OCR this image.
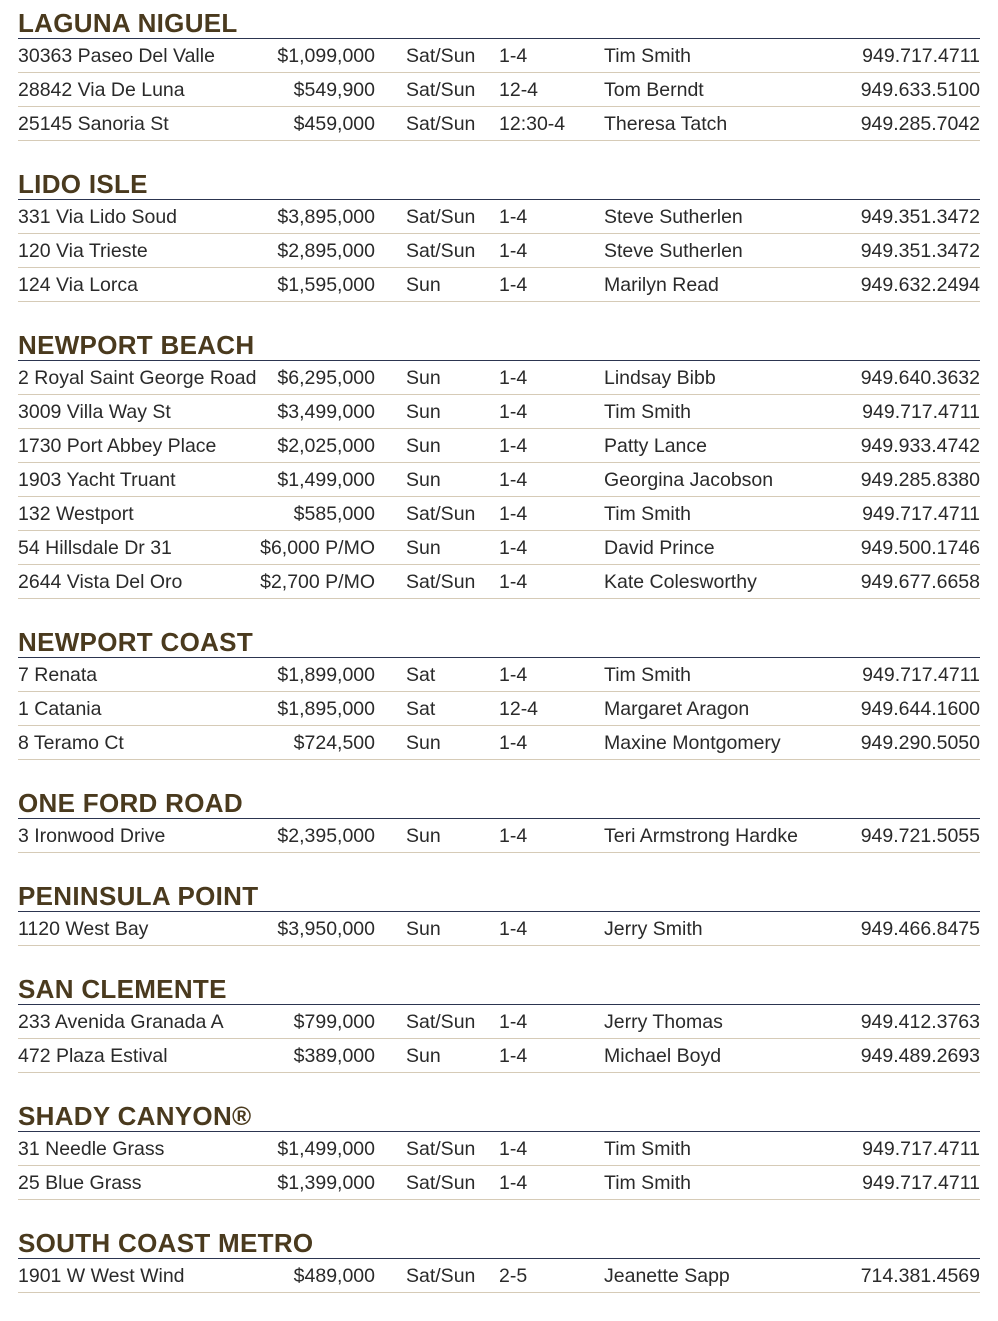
LAGUNA NIGUEL
30363 Paseo Del Valle	$1,099,000 Sat/Sun 1-4	Tim Smith	949.717.4711
28842 Via De Luna	$549,900 Sat/Sun 12-4	Tom Berndt	949.633.5100
25145 Sanoria St	$459,000 Sat/Sun 12:30-4 Theresa Tatch	949.285.7042
LIDO ISLE
331 Via Lido Soud	$3,895,000 Sat/Sun 1-4	Steve Sutherlen	949.351.3472
120 Via Trieste	$2,895,000 Sat/Sun 1-4	Steve Sutherlen	949.351.3472
124 Via Lorca	$1,595,000 Sun	1-4	Marilyn Read	949.632.2494
NEWPORT BEACH
2 Royal Saint George Road $6,295,000 Sun	1-4	Lindsay Bibb	949.640.3632
3009 Villa Way St	$3,499,000 Sun	1-4	Tim Smith	949.717.4711
1730 Port Abbey Place	$2,025,000 Sun	1-4	Patty Lance	949.933.4742
1903 Yacht Truant	$1,499,000 Sun	1-4	Georgina Jacobson	949.285.8380
132 Westport	$585,000 Sat/Sun 1-4	Tim Smith	949.717.4711
54 Hillsdale Dr 31	$6,000 P/MO Sun	1-4	David Prince	949.500.1746
2644 Vista Del Oro	$2,700 P/MO Sat/Sun 1-4	Kate Colesworthy	949.677.6658
NEWPORT COAST
7 Renata	$1,899,000 Sat	1-4	Tim Smith	949.717.4711
1 Catania	$1,895,000 Sat	12-4	Margaret Aragon	949.644.1600
8 Teramo Ct	$724,500 Sun	1-4	Maxine Montgomery	949.290.5050
ONE FORD ROAD
3 Ironwood Drive	$2,395,000 Sun	1-4	Teri Armstrong Hardke	949.721.5055
PENINSULA POINT
1120 West Bay	$3,950,000 Sun	1-4	Jerry Smith	949.466.8475
SAN CLEMENTE
233 Avenida Granada A	$799,000 Sat/Sun 1-4	Jerry Thomas	949.412.3763
472 Plaza Estival	$389,000 Sun	1-4	Michael Boyd	949.489.2693
SHADY CANYON®
31 Needle Grass	$1,499,000 Sat/Sun 1-4	Tim Smith	949.717.4711
25 Blue Grass	$1,399,000 Sat/Sun 1-4	Tim Smith	949.717.4711
SOUTH COAST METRO
1901 W West Wind	$489,000 Sat/Sun 2-5	Jeanette Sapp	714.381.4569
